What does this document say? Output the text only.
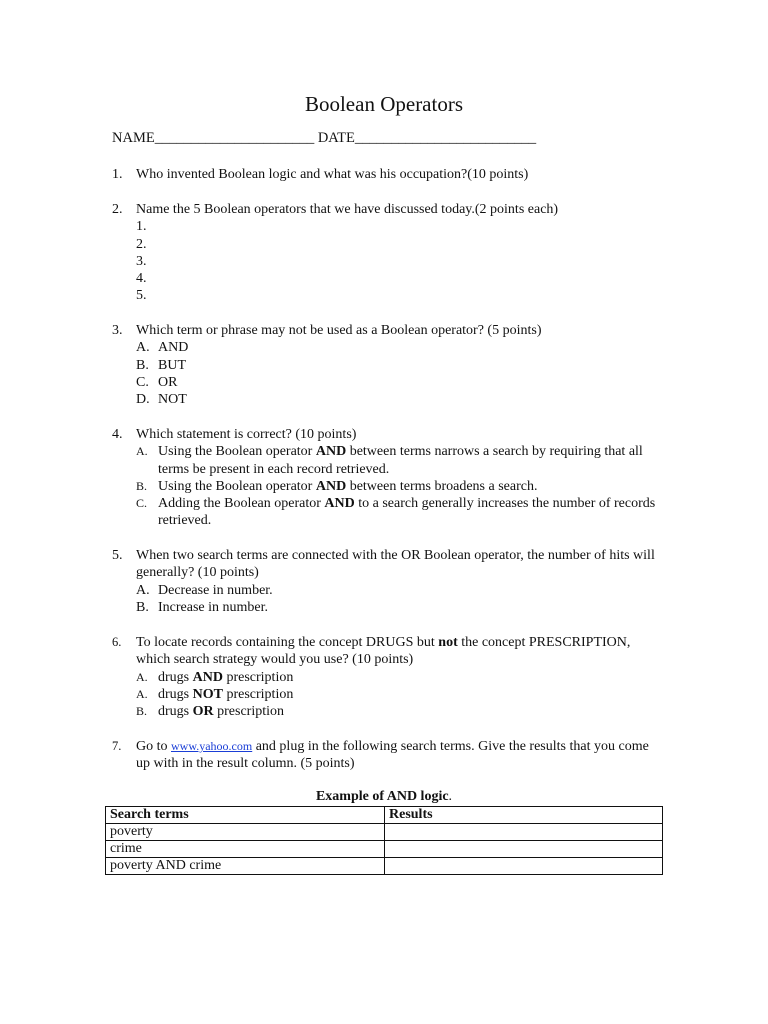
Boolean Operators
NAME______________________ DATE_________________________
1. Who invented Boolean logic and what was his occupation?(10 points)
2. Name the 5 Boolean operators that we have discussed today.(2 points each)
1.

2.

3.

4.

5.

3. Which term or phrase may not be used as a Boolean operator? (5 points)
A. AND
B. BUT
C. OR
D. NOT
4. Which statement is correct? (10 points)
A. Using the Boolean operator AND between terms narrows a search by requiring that all terms be present in each record retrieved.
B. Using the Boolean operator AND between terms broadens a search.
C. Adding the Boolean operator AND to a search generally increases the number of records retrieved.
5. When two search terms are connected with the OR Boolean operator, the number of hits will generally? (10 points)
A. Decrease in number.
B. Increase in number.
6.	To locate records containing the concept DRUGS but not the concept PRESCRIPTION, which search strategy would you use? (10 points)
A. drugs AND prescription
A. drugs NOT prescription
B. drugs OR prescription
7.	Go to www.yahoo.com and plug in the following search terms. Give the results that you come up with in the result column. (5 points)
Example of AND logic.
Search terms	Results
poverty	
crime	
poverty AND crime	
